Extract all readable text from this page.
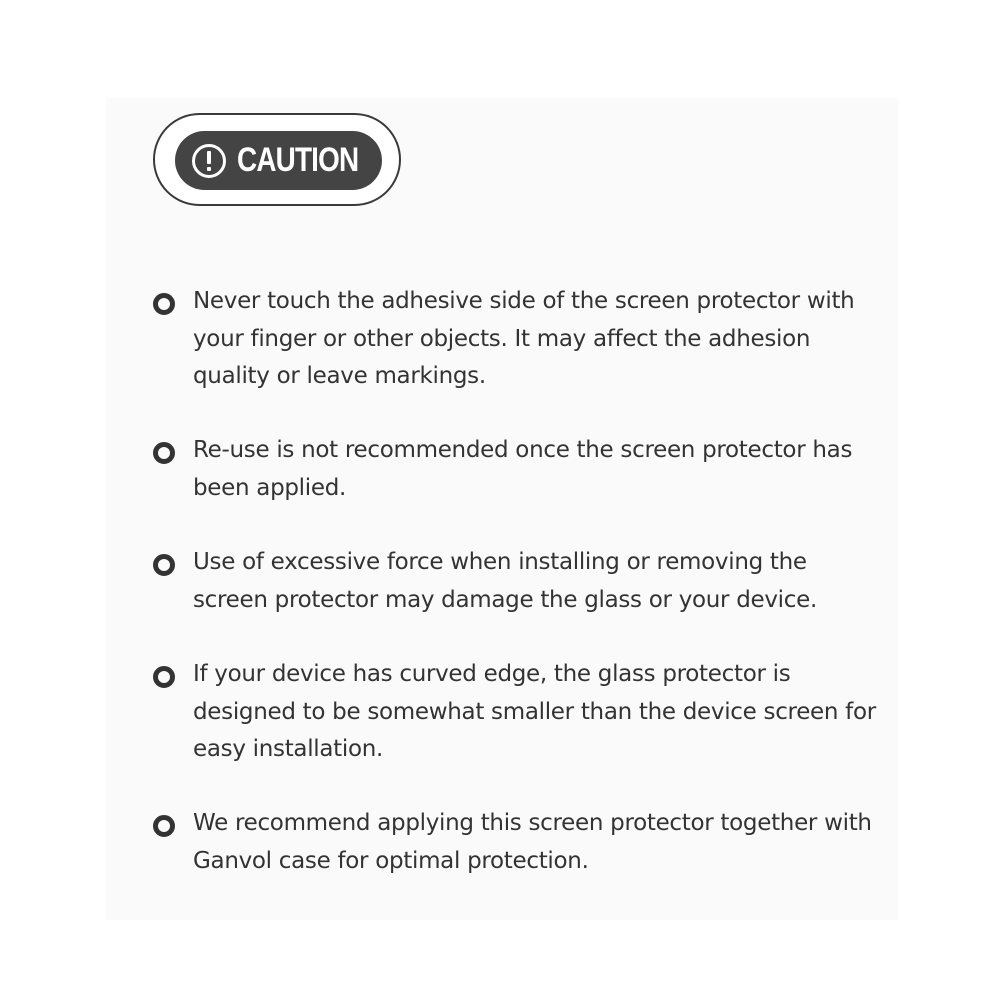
CAUTION

Never touch the adhesive side of the screen protector with your finger or other objects. It may affect the adhesion quality or leave markings.

Re-use is not recommended once the screen protector has been applied.

Use of excessive force when installing or removing the screen protector may damage the glass or your device.

If your device has curved edge, the glass protector is designed to be somewhat smaller than the device screen for easy installation.

We recommend applying this screen protector together with Ganvol case for optimal protection.
